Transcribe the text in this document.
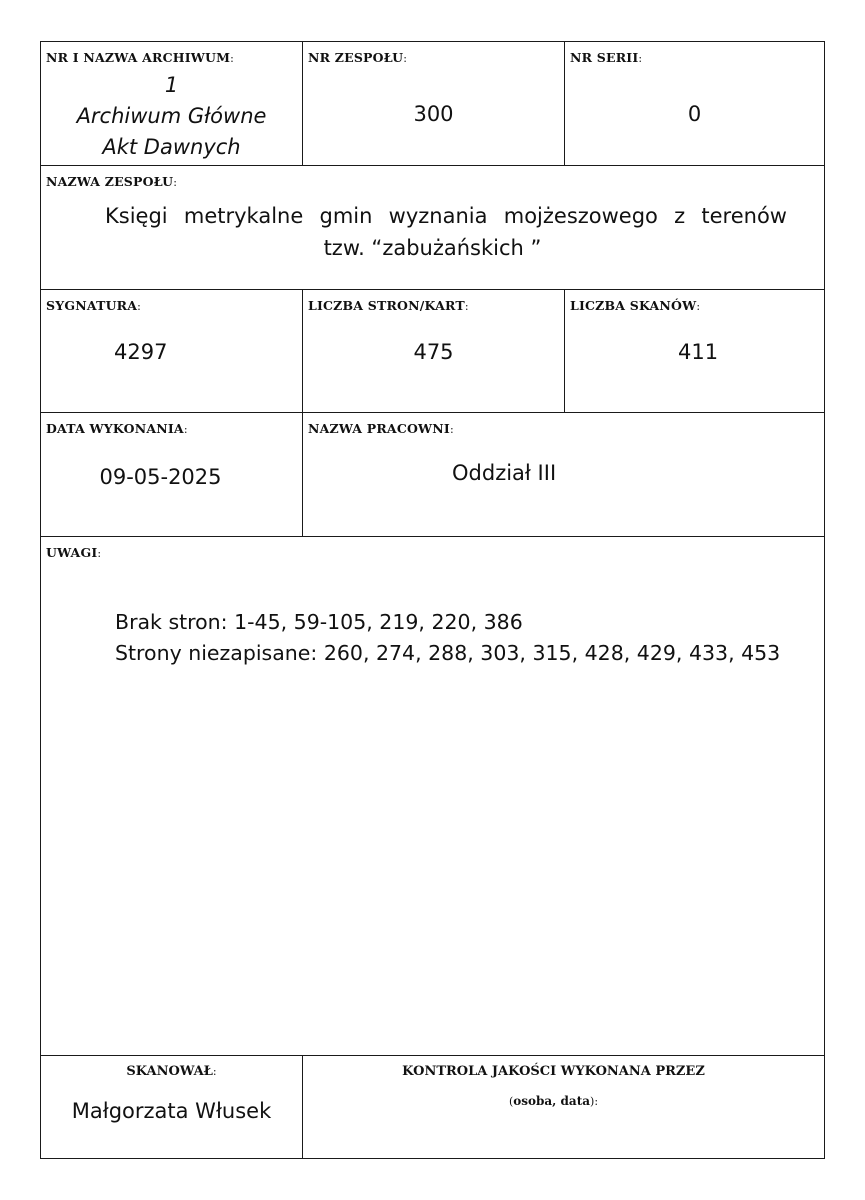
NR I NAZWA ARCHIWUM:
1
Archiwum Główne
Akt Dawnych
NR ZESPOŁU:
300
NR SERII:
0
NAZWA ZESPOŁU:
Księgi metrykalne gmin wyznania mojżeszowego z terenów
tzw. “zabużańskich ”
SYGNATURA:
4297
LICZBA STRON/KART:
475
LICZBA SKANÓW:
411
DATA WYKONANIA:
09-05-2025
NAZWA PRACOWNI:
Oddział III
UWAGI:
Brak stron: 1-45, 59-105, 219, 220, 386
Strony niezapisane: 260, 274, 288, 303, 315, 428, 429, 433, 453
SKANOWAŁ:
Małgorzata Włusek
KONTROLA JAKOŚCI WYKONANA PRZEZ
(osoba, data):
